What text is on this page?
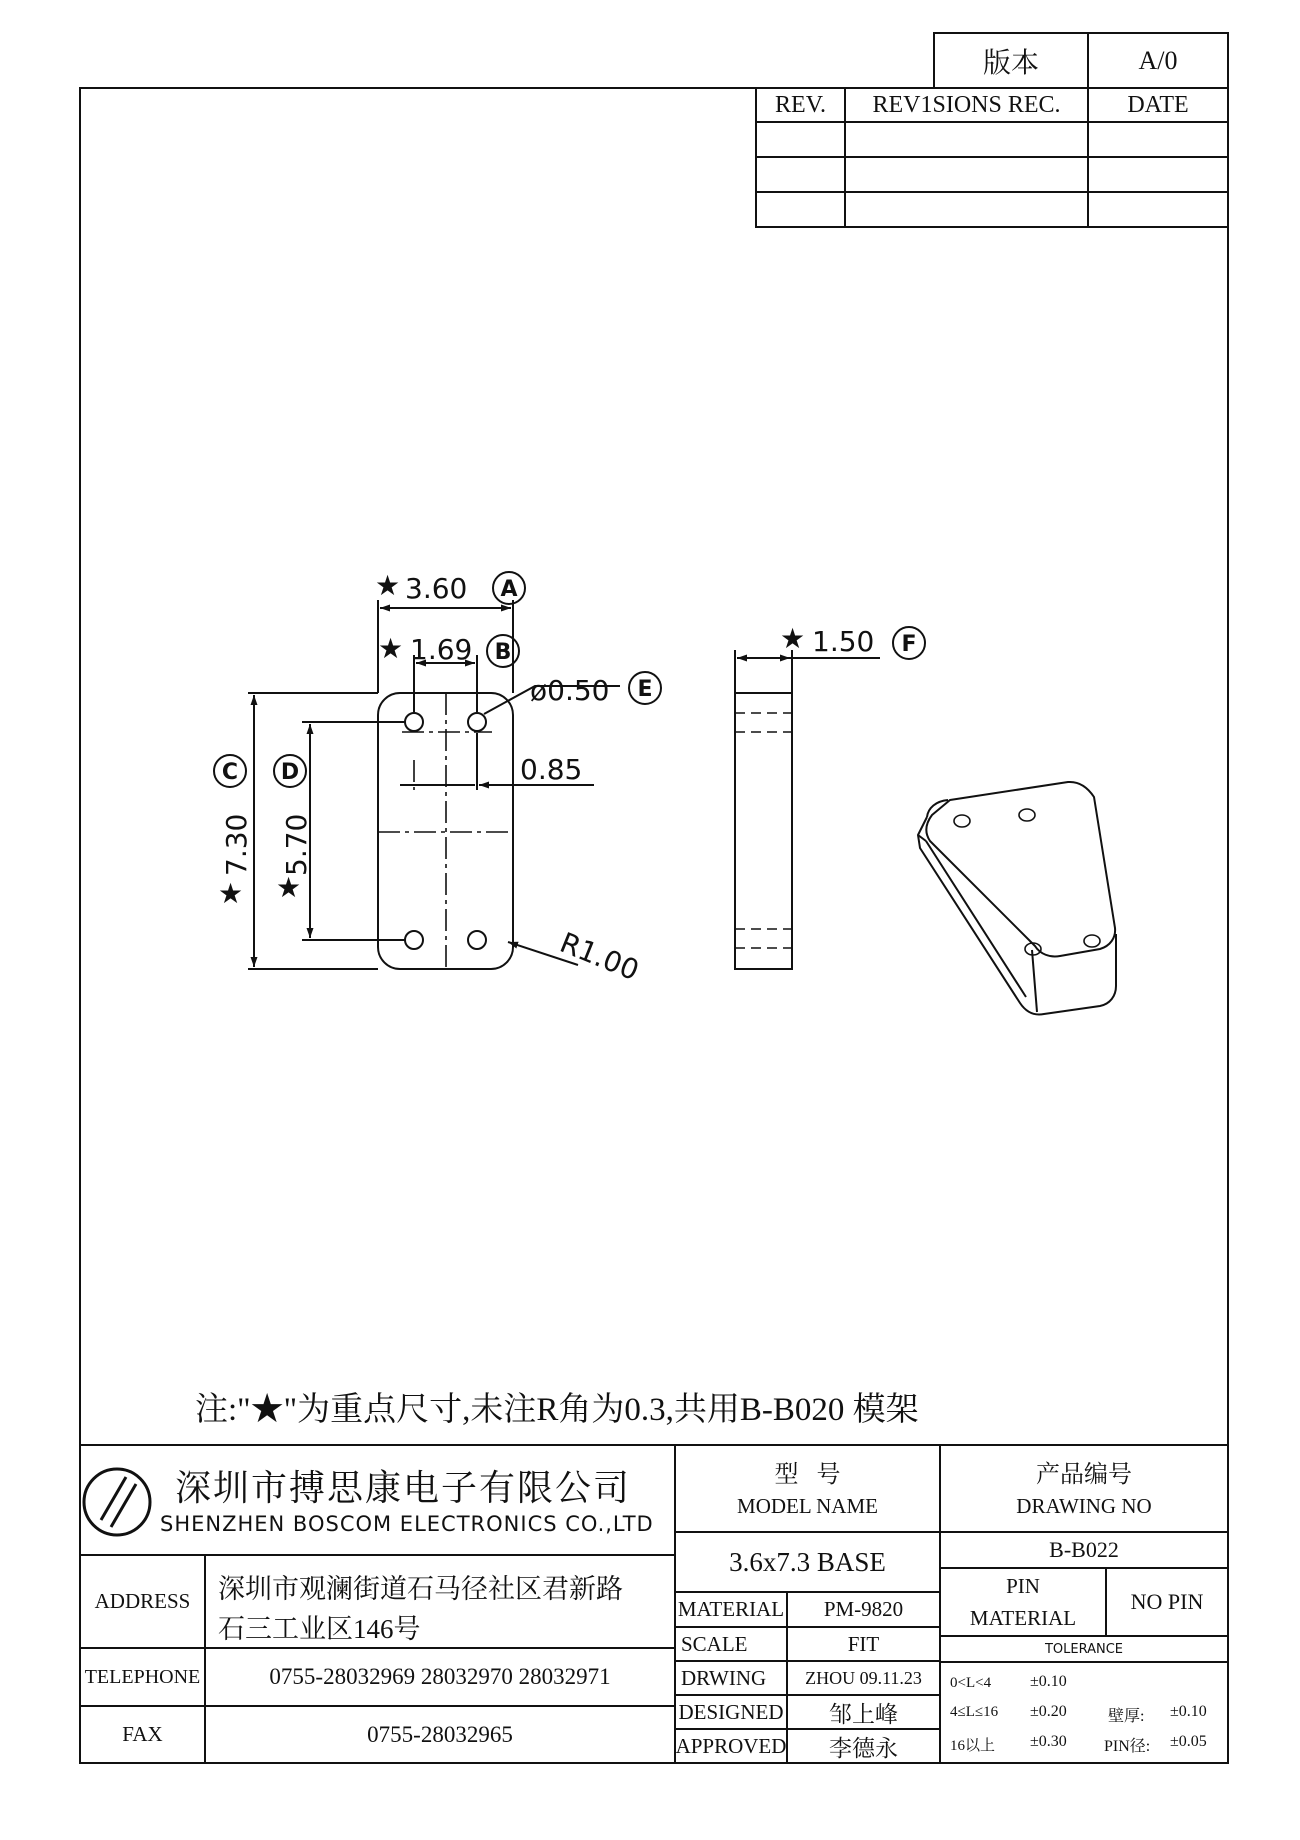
★ 3.60
★ 1.69
ø0.50
0.85
★ 1.50
R1.00
7.30 5.70
★ ★
A
B
E
F
C D
版本	A/0
REV.	REV1SIONS REC.	DATE
注:"★"为重点尺寸,未注R角为0.3,共用B-B020 模架
深圳市搏思康电子有限公司
SHENZHEN BOSCOM ELECTRONICS CO.,LTD
ADDRESS	深圳市观澜街道石马径社区君新路
石三工业区146号
TELEPHONE	0755-28032969 28032970 28032971
FAX	0755-28032965
型   号
MODEL NAME
3.6x7.3 BASE
MATERIAL	PM-9820
SCALE	FIT
DRWING	ZHOU 09.11.23
DESIGNED	邹上峰
APPROVED	李德永
产品编号
DRAWING NO
B-B022
PIN
MATERIAL
NO PIN
TOLERANCE
0<L<4 ±0.10
4≤L≤16 ±0.20	壁厚: ±0.10
16以上 ±0.30 PIN径: ±0.05
